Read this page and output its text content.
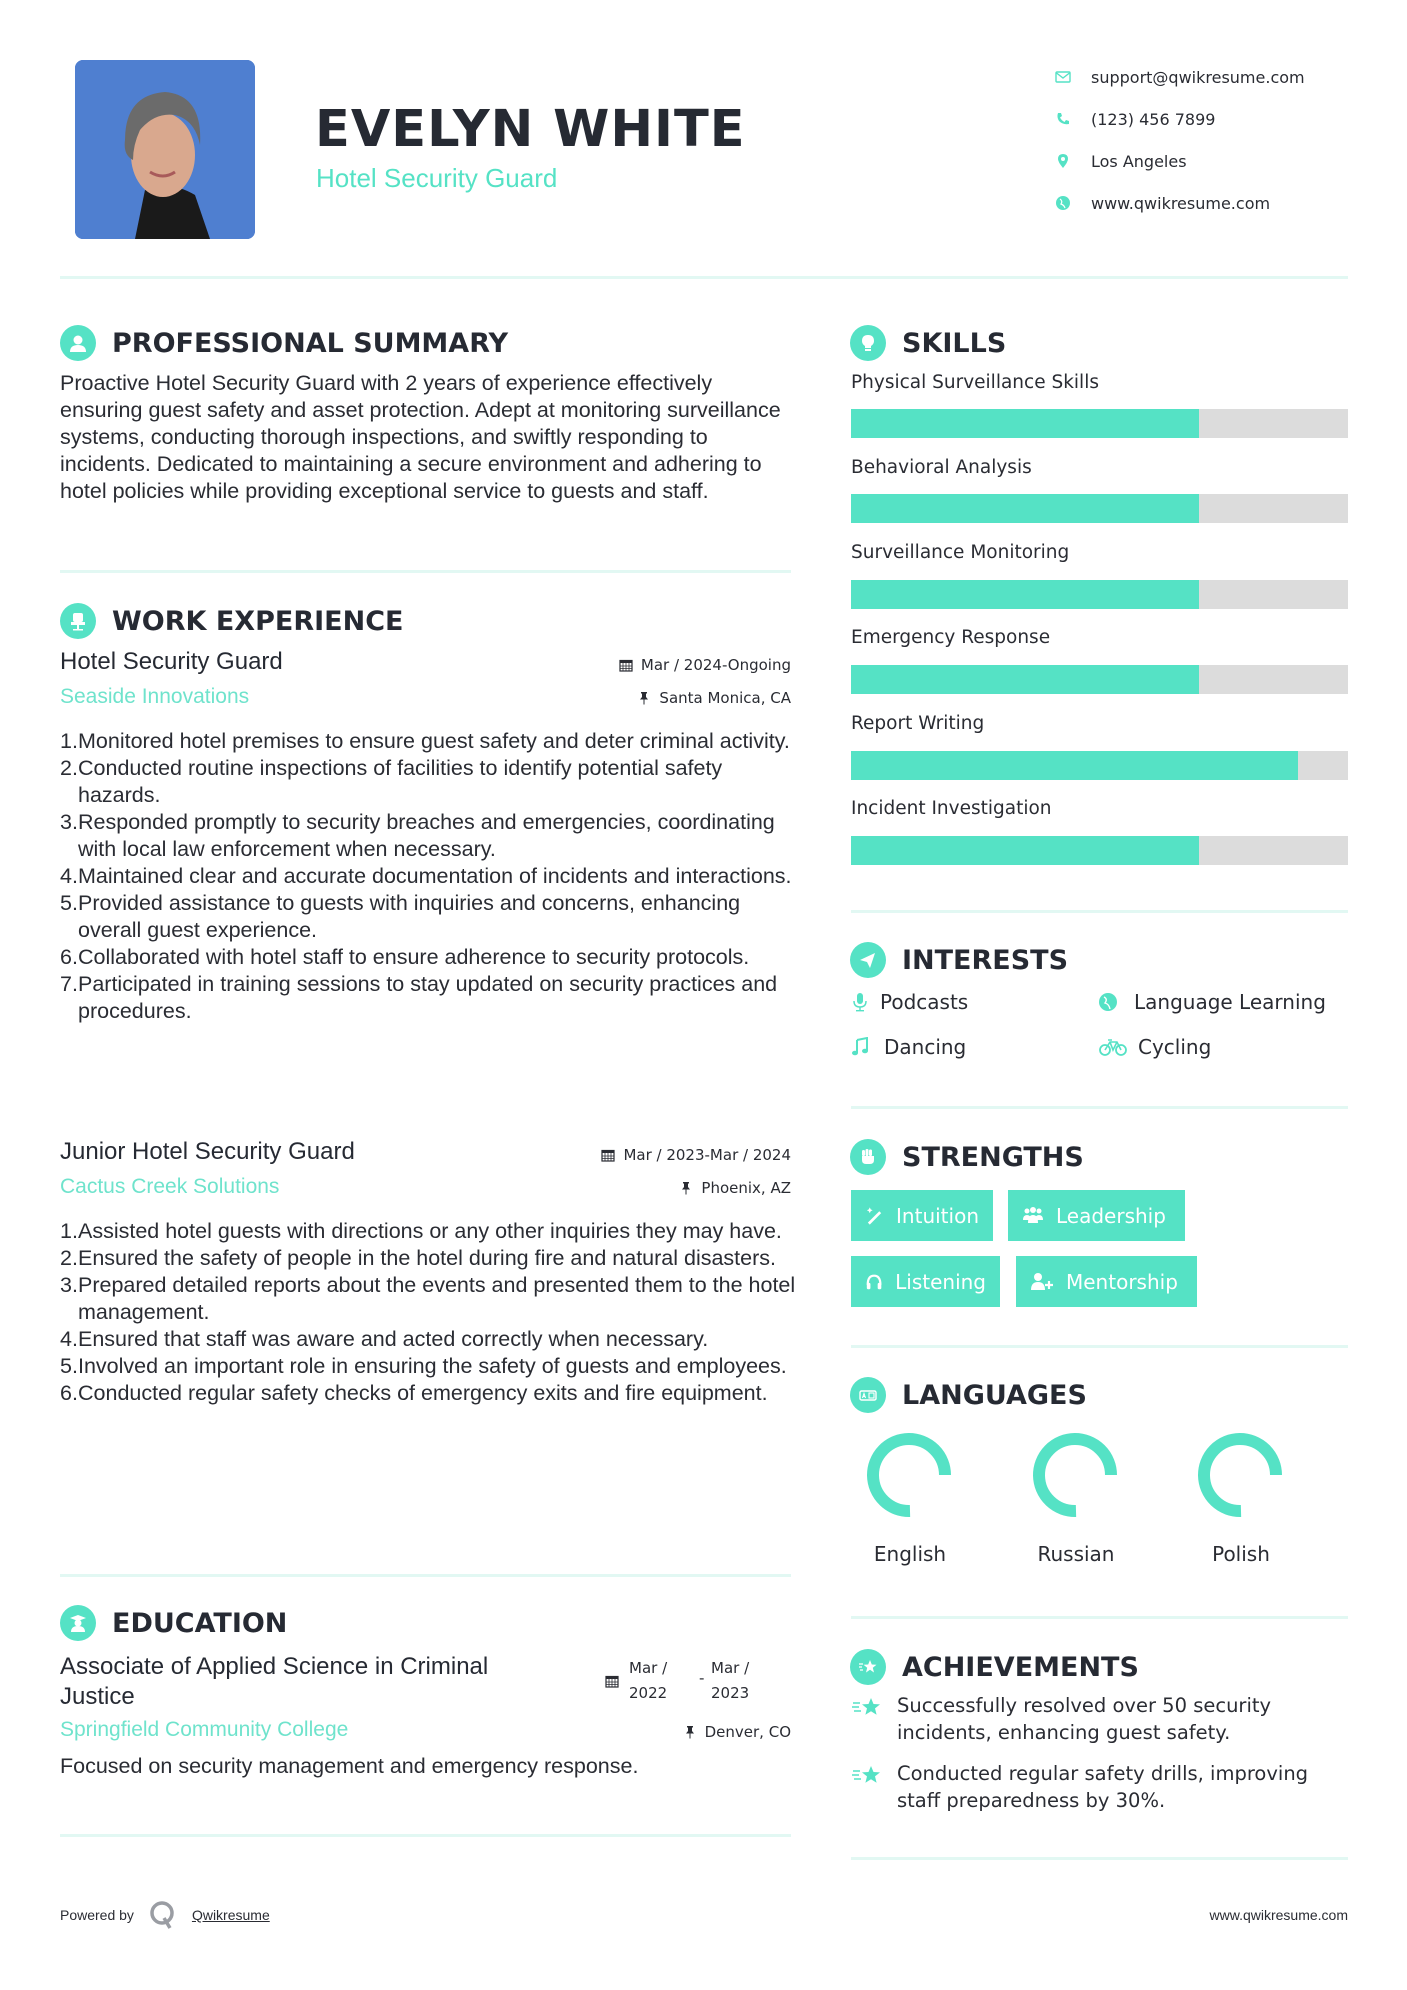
EVELYN WHITE
Hotel Security Guard
support@qwikresume.com
(123) 456 7899
Los Angeles
www.qwikresume.com
PROFESSIONAL SUMMARY
Proactive Hotel Security Guard with 2 years of experience effectively ensuring guest safety and asset protection. Adept at monitoring surveillance systems, conducting thorough inspections, and swiftly responding to incidents. Dedicated to maintaining a secure environment and adhering to hotel policies while providing exceptional service to guests and staff.
WORK EXPERIENCE
Hotel Security Guard	Mar / 2024-Ongoing
Seaside Innovations	Santa Monica, CA
1. Monitored hotel premises to ensure guest safety and deter criminal activity.
2. Conducted routine inspections of facilities to identify potential safety hazards.
3. Responded promptly to security breaches and emergencies, coordinating with local law enforcement when necessary.
4. Maintained clear and accurate documentation of incidents and interactions.
5. Provided assistance to guests with inquiries and concerns, enhancing overall guest experience.
6. Collaborated with hotel staff to ensure adherence to security protocols.
7. Participated in training sessions to stay updated on security practices and procedures.
Junior Hotel Security Guard	Mar / 2023-Mar / 2024
Cactus Creek Solutions	Phoenix, AZ
1. Assisted hotel guests with directions or any other inquiries they may have.
2. Ensured the safety of people in the hotel during fire and natural disasters.
3. Prepared detailed reports about the events and presented them to the hotel management.
4. Ensured that staff was aware and acted correctly when necessary.
5. Involved an important role in ensuring the safety of guests and employees.
6. Conducted regular safety checks of emergency exits and fire equipment.
EDUCATION
Associate of Applied Science in Criminal
Justice
Mar /
2022
-
Mar /
2023
Springfield Community College	Denver, CO
Focused on security management and emergency response.
SKILLS
Physical Surveillance Skills
Behavioral Analysis
Surveillance Monitoring
Emergency Response
Report Writing
Incident Investigation
INTERESTS
Podcasts	Language Learning
Dancing	Cycling
STRENGTHS
Intuition	Leadership
Listening	Mentorship
LANGUAGES
English	Russian	Polish
ACHIEVEMENTS
Successfully resolved over 50 security
incidents, enhancing guest safety.
Conducted regular safety drills, improving
staff preparedness by 30%.
Powered by	Qwikresume	www.qwikresume.com
